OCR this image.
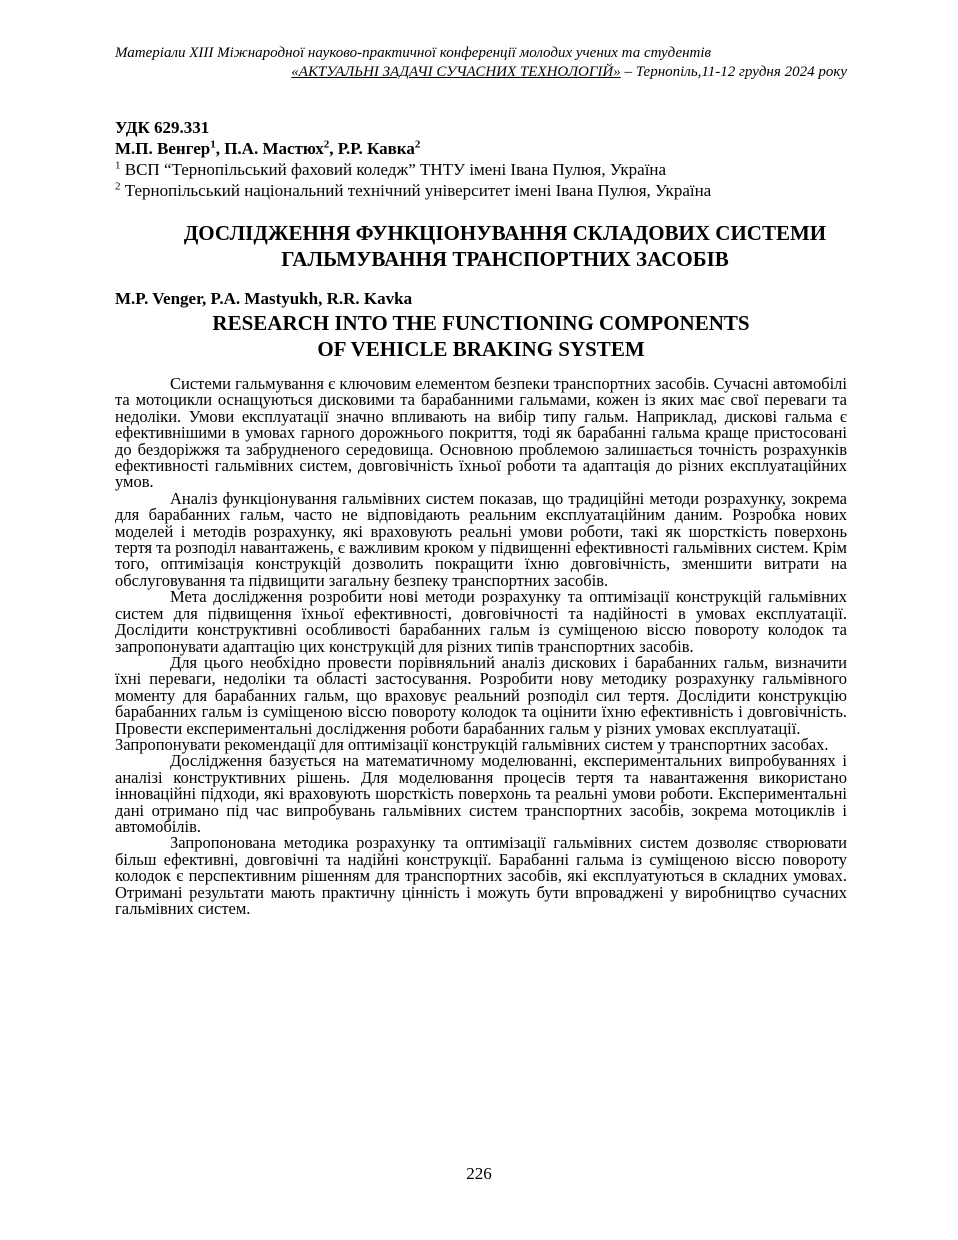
Матеріали XIII Міжнародної науково-практичної конференції молодих учених та студентів
«АКТУАЛЬНІ ЗАДАЧІ СУЧАСНИХ ТЕХНОЛОГІЙ» – Тернопіль,11-12 грудня 2024 року
УДК 629.331
М.П. Венгер$^1$, П.А. Мастюх$^2$, Р.Р. Кавка$^2$
$^1$ ВСП “Тернопільський фаховий коледж” ТНТУ імені Івана Пулюя, Україна
$^2$ Тернопільський національний технічний університет імені Івана Пулюя, Україна
ДОСЛІДЖЕННЯ ФУНКЦІОНУВАННЯ СКЛАДОВИХ СИСТЕМИ
ГАЛЬМУВАННЯ ТРАНСПОРТНИХ ЗАСОБІВ
M.P. Venger, P.A. Mastyukh, R.R. Kavka
RESEARCH INTO THE FUNCTIONING COMPONENTS
OF VEHICLE BRAKING SYSTEM

Системи гальмування є ключовим елементом безпеки транспортних засобів. Сучасні автомобілі та мотоцикли оснащуються дисковими та барабанними гальмами, кожен із яких має свої переваги та недоліки. Умови експлуатації значно впливають на вибір типу гальм. Наприклад, дискові гальма є ефективнішими в умовах гарного дорожнього покриття, тоді як барабанні гальма краще пристосовані до бездоріжжя та забрудненого середовища. Основною проблемою залишається точність розрахунків ефективності гальмівних систем, довговічність їхньої роботи та адаптація до різних експлуатаційних умов.

Аналіз функціонування гальмівних систем показав, що традиційні методи розрахунку, зокрема для барабанних гальм, часто не відповідають реальним експлуатаційним даним. Розробка нових моделей і методів розрахунку, які враховують реальні умови роботи, такі як шорсткість поверхонь тертя та розподіл навантажень, є важливим кроком у підвищенні ефективності гальмівних систем. Крім того, оптимізація конструкцій дозволить покращити їхню довговічність, зменшити витрати на обслуговування та підвищити загальну безпеку транспортних засобів.

Мета дослідження розробити нові методи розрахунку та оптимізації конструкцій гальмівних систем для підвищення їхньої ефективності, довговічності та надійності в умовах експлуатації. Дослідити конструктивні особливості барабанних гальм із суміщеною віссю повороту колодок та запропонувати адаптацію цих конструкцій для різних типів транспортних засобів.

Для цього необхідно провести порівняльний аналіз дискових і барабанних гальм, визначити їхні переваги, недоліки та області застосування. Розробити нову методику розрахунку гальмівного моменту для барабанних гальм, що враховує реальний розподіл сил тертя. Дослідити конструкцію барабанних гальм із суміщеною віссю повороту колодок та оцінити їхню ефективність і довговічність. Провести експериментальні дослідження роботи барабанних гальм у різних умовах експлуатації.

Запропонувати рекомендації для оптимізації конструкцій гальмівних систем у транспортних засобах.

Дослідження базується на математичному моделюванні, експериментальних випробуваннях і аналізі конструктивних рішень. Для моделювання процесів тертя та навантаження використано інноваційні підходи, які враховують шорсткість поверхонь та реальні умови роботи. Експериментальні дані отримано під час випробувань гальмівних систем транспортних засобів, зокрема мотоциклів і автомобілів.

Запропонована методика розрахунку та оптимізації гальмівних систем дозволяє створювати більш ефективні, довговічні та надійні конструкції. Барабанні гальма із суміщеною віссю повороту колодок є перспективним рішенням для транспортних засобів, які експлуатуються в складних умовах. Отримані результати мають практичну цінність і можуть бути впроваджені у виробництво сучасних гальмівних систем.

226
